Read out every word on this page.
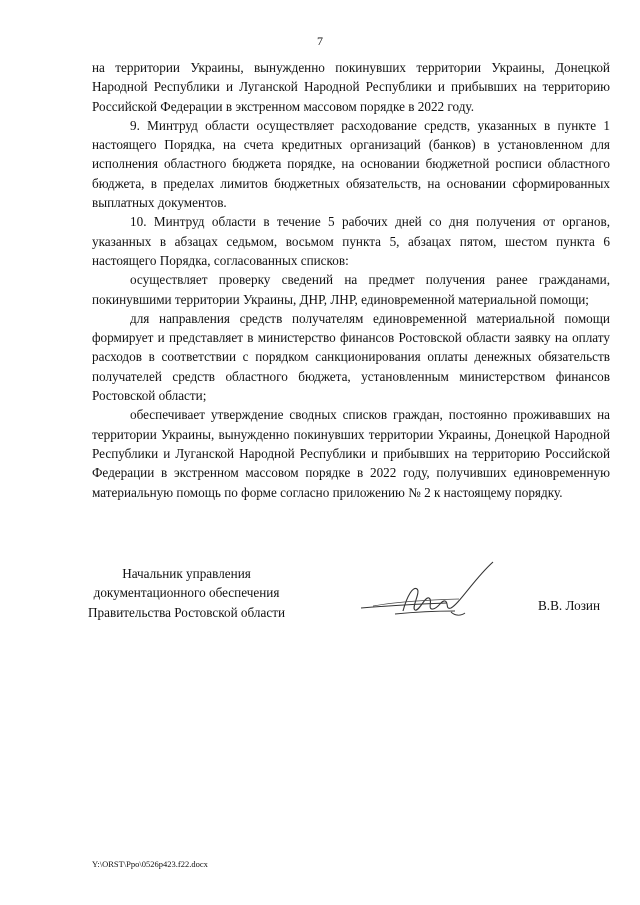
7

на территории Украины, вынужденно покинувших территории Украины, Донецкой Народной Республики и Луганской Народной Республики и прибывших на территорию Российской Федерации в экстренном массовом порядке в 2022 году.

9. Минтруд области осуществляет расходование средств, указанных в пункте 1 настоящего Порядка, на счета кредитных организаций (банков) в установленном для исполнения областного бюджета порядке, на основании бюджетной росписи областного бюджета, в пределах лимитов бюджетных обязательств, на основании сформированных выплатных документов.

10. Минтруд области в течение 5 рабочих дней со дня получения от органов, указанных в абзацах седьмом, восьмом пункта 5, абзацах пятом, шестом пункта 6 настоящего Порядка, согласованных списков:

осуществляет проверку сведений на предмет получения ранее гражданами, покинувшими территории Украины, ДНР, ЛНР, единовременной материальной помощи;

для направления средств получателям единовременной материальной помощи формирует и представляет в министерство финансов Ростовской области заявку на оплату расходов в соответствии с порядком санкционирования оплаты денежных обязательств получателей средств областного бюджета, установленным министерством финансов Ростовской области;

обеспечивает утверждение сводных списков граждан, постоянно проживавших на территории Украины, вынужденно покинувших территории Украины, Донецкой Народной Республики и Луганской Народной Республики и прибывших на территорию Российской Федерации в экстренном массовом порядке в 2022 году, получивших единовременную материальную помощь по форме согласно приложению № 2 к настоящему порядку.

Начальник управления
документационного обеспечения
Правительства Ростовской области	В.В. Лозин
Y:\ORST\Ppo\0526p423.f22.docx
